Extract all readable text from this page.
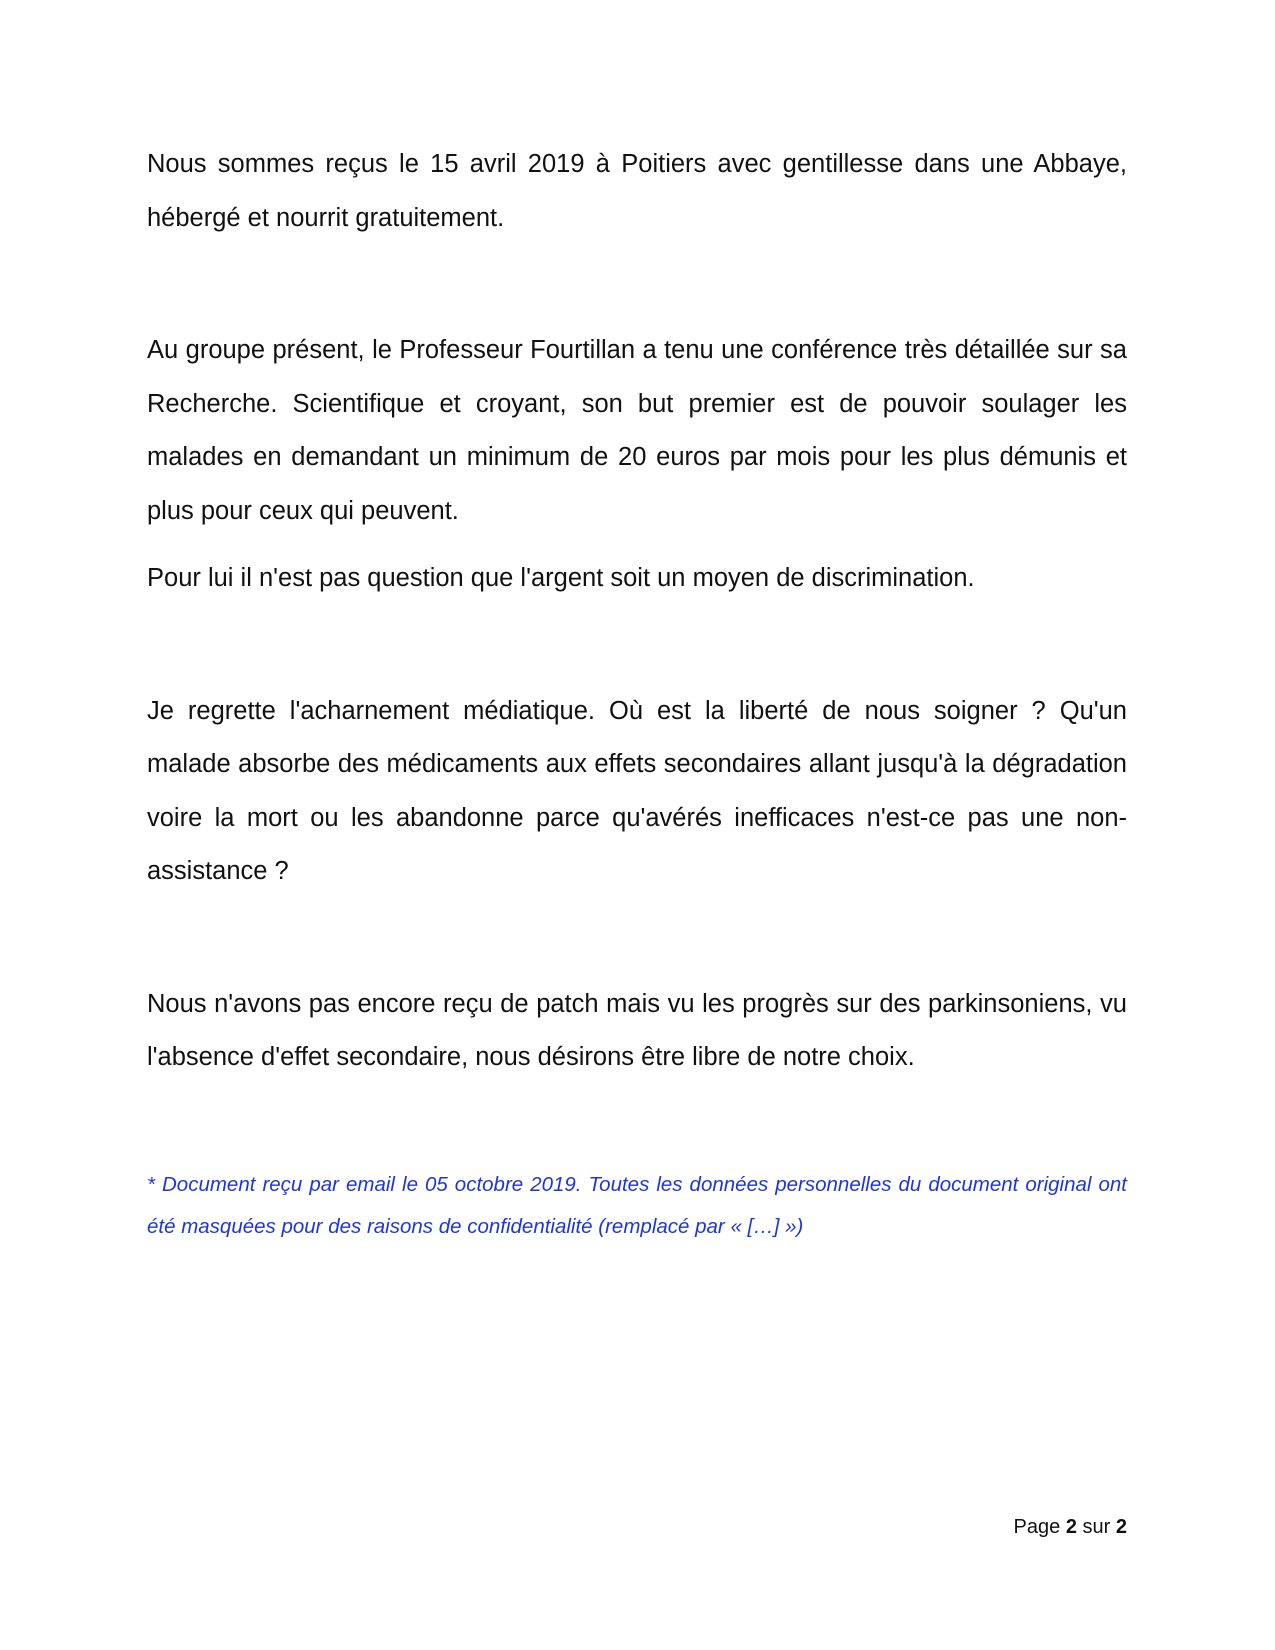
Nous sommes reçus le 15 avril 2019 à Poitiers avec gentillesse dans une Abbaye, hébergé et nourrit gratuitement.

Au groupe présent, le Professeur Fourtillan a tenu une conférence très détaillée sur sa Recherche. Scientifique et croyant, son but premier est de pouvoir soulager les malades en demandant un minimum de 20 euros par mois pour les plus démunis et plus pour ceux qui peuvent.

Pour lui il n'est pas question que l'argent soit un moyen de discrimination.

Je regrette l'acharnement médiatique. Où est la liberté de nous soigner ? Qu'un malade absorbe des médicaments aux effets secondaires allant jusqu'à la dégradation voire la mort ou les abandonne parce qu'avérés inefficaces n'est-ce pas une non-assistance ?

Nous n'avons pas encore reçu de patch mais vu les progrès sur des parkinsoniens, vu l'absence d'effet secondaire, nous désirons être libre de notre choix.

* Document reçu par email le 05 octobre 2019. Toutes les données personnelles du document original ont été masquées pour des raisons de confidentialité (remplacé par « […] »)

Page 2 sur 2
